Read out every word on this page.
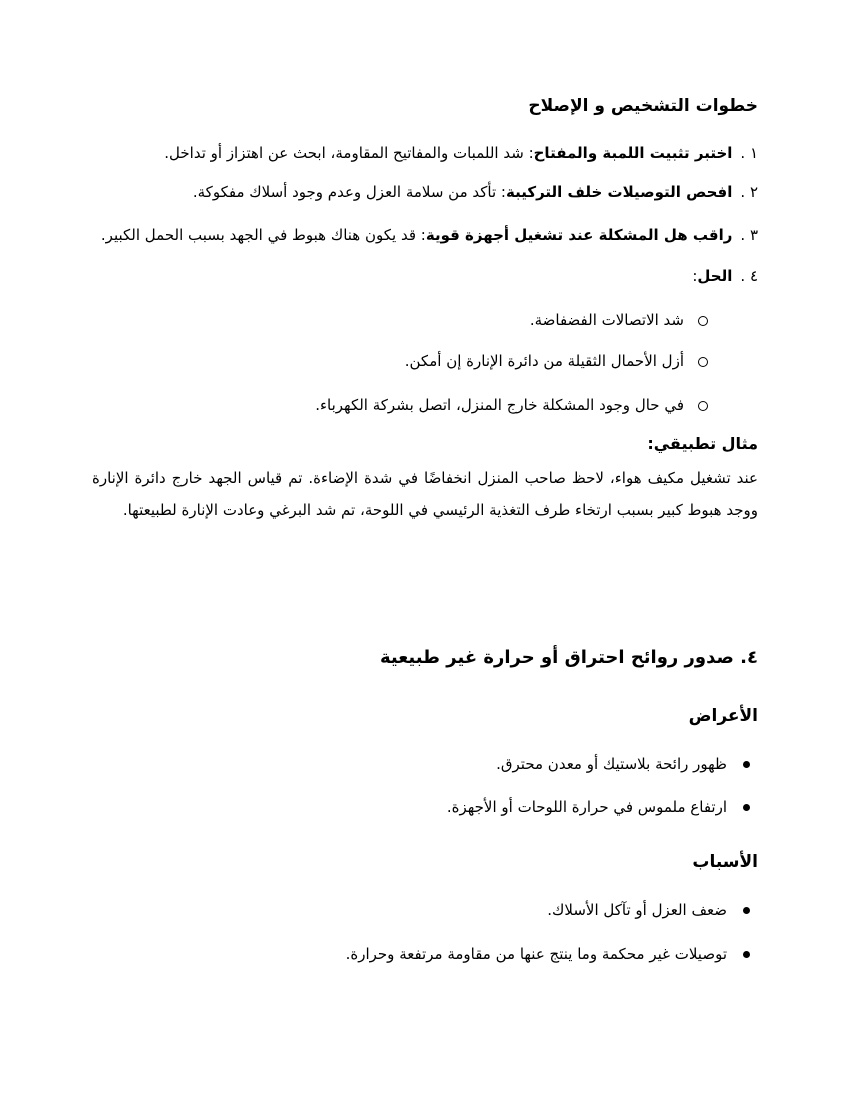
خطوات التشخيص و الإصلاح
١ .اختبر تثبيت اللمبة والمفتاح: شد اللمبات والمفاتيح المقاومة، ابحث عن اهتزاز أو تداخل.
٢ .افحص التوصيلات خلف التركيبة: تأكد من سلامة العزل وعدم وجود أسلاك مفكوكة.
٣ .راقب هل المشكلة عند تشغيل أجهزة قوية: قد يكون هناك هبوط في الجهد بسبب الحمل الكبير.
٤ .الحل:
شد الاتصالات الفضفاضة.
أزل الأحمال الثقيلة من دائرة الإنارة إن أمكن.
في حال وجود المشكلة خارج المنزل، اتصل بشركة الكهرباء.
مثال تطبيقي:
عند تشغيل مكيف هواء، لاحظ صاحب المنزل انخفاضًا في شدة الإضاءة. تم قياس الجهد خارج دائرة الإنارة ووجد هبوط كبير بسبب ارتخاء طرف التغذية الرئيسي في اللوحة، تم شد البرغي وعادت الإنارة لطبيعتها.
٤. صدور روائح احتراق أو حرارة غير طبيعية
الأعراض
ظهور رائحة بلاستيك أو معدن محترق.
ارتفاع ملموس في حرارة اللوحات أو الأجهزة.
الأسباب
ضعف العزل أو تآكل الأسلاك.
توصيلات غير محكمة وما ينتج عنها من مقاومة مرتفعة وحرارة.
